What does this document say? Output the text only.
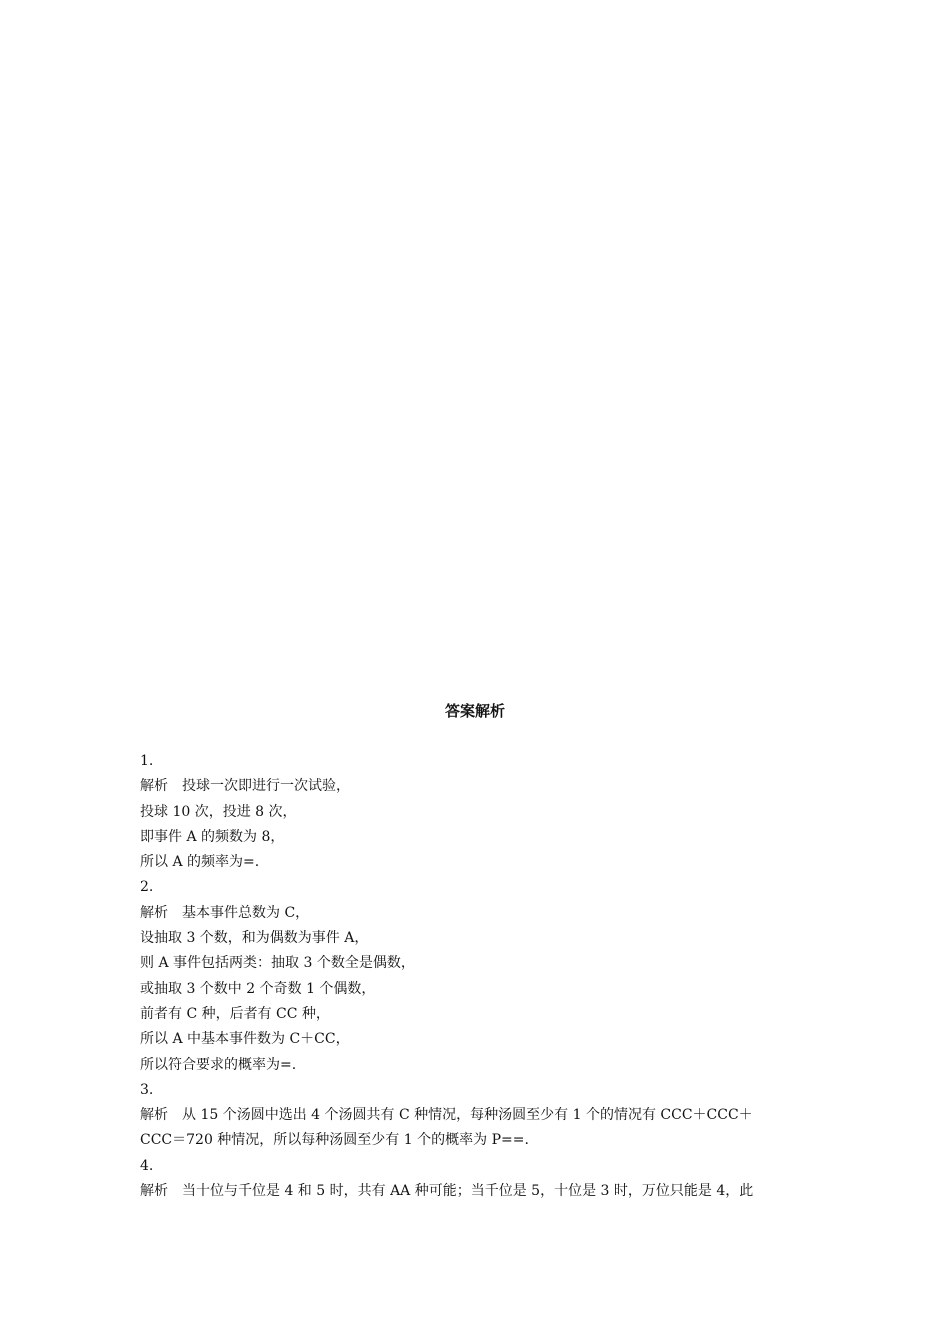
答案解析
1.
解析　投球一次即进行一次试验，
投球 10 次，投进 8 次，
即事件 A 的频数为 8，
所以 A 的频率为=.
2.
解析　基本事件总数为 C，
设抽取 3 个数，和为偶数为事件 A，
则 A 事件包括两类：抽取 3 个数全是偶数，
或抽取 3 个数中 2 个奇数 1 个偶数，
前者有 C 种，后者有 CC 种，
所以 A 中基本事件数为 C＋CC，
所以符合要求的概率为=.
3.
解析　从 15 个汤圆中选出 4 个汤圆共有 C 种情况，每种汤圆至少有 1 个的情况有 CCC＋CCC＋
CCC＝720 种情况，所以每种汤圆至少有 1 个的概率为 P==.
4.
解析　当十位与千位是 4 和 5 时，共有 AA 种可能；当千位是 5，十位是 3 时，万位只能是 4，此
